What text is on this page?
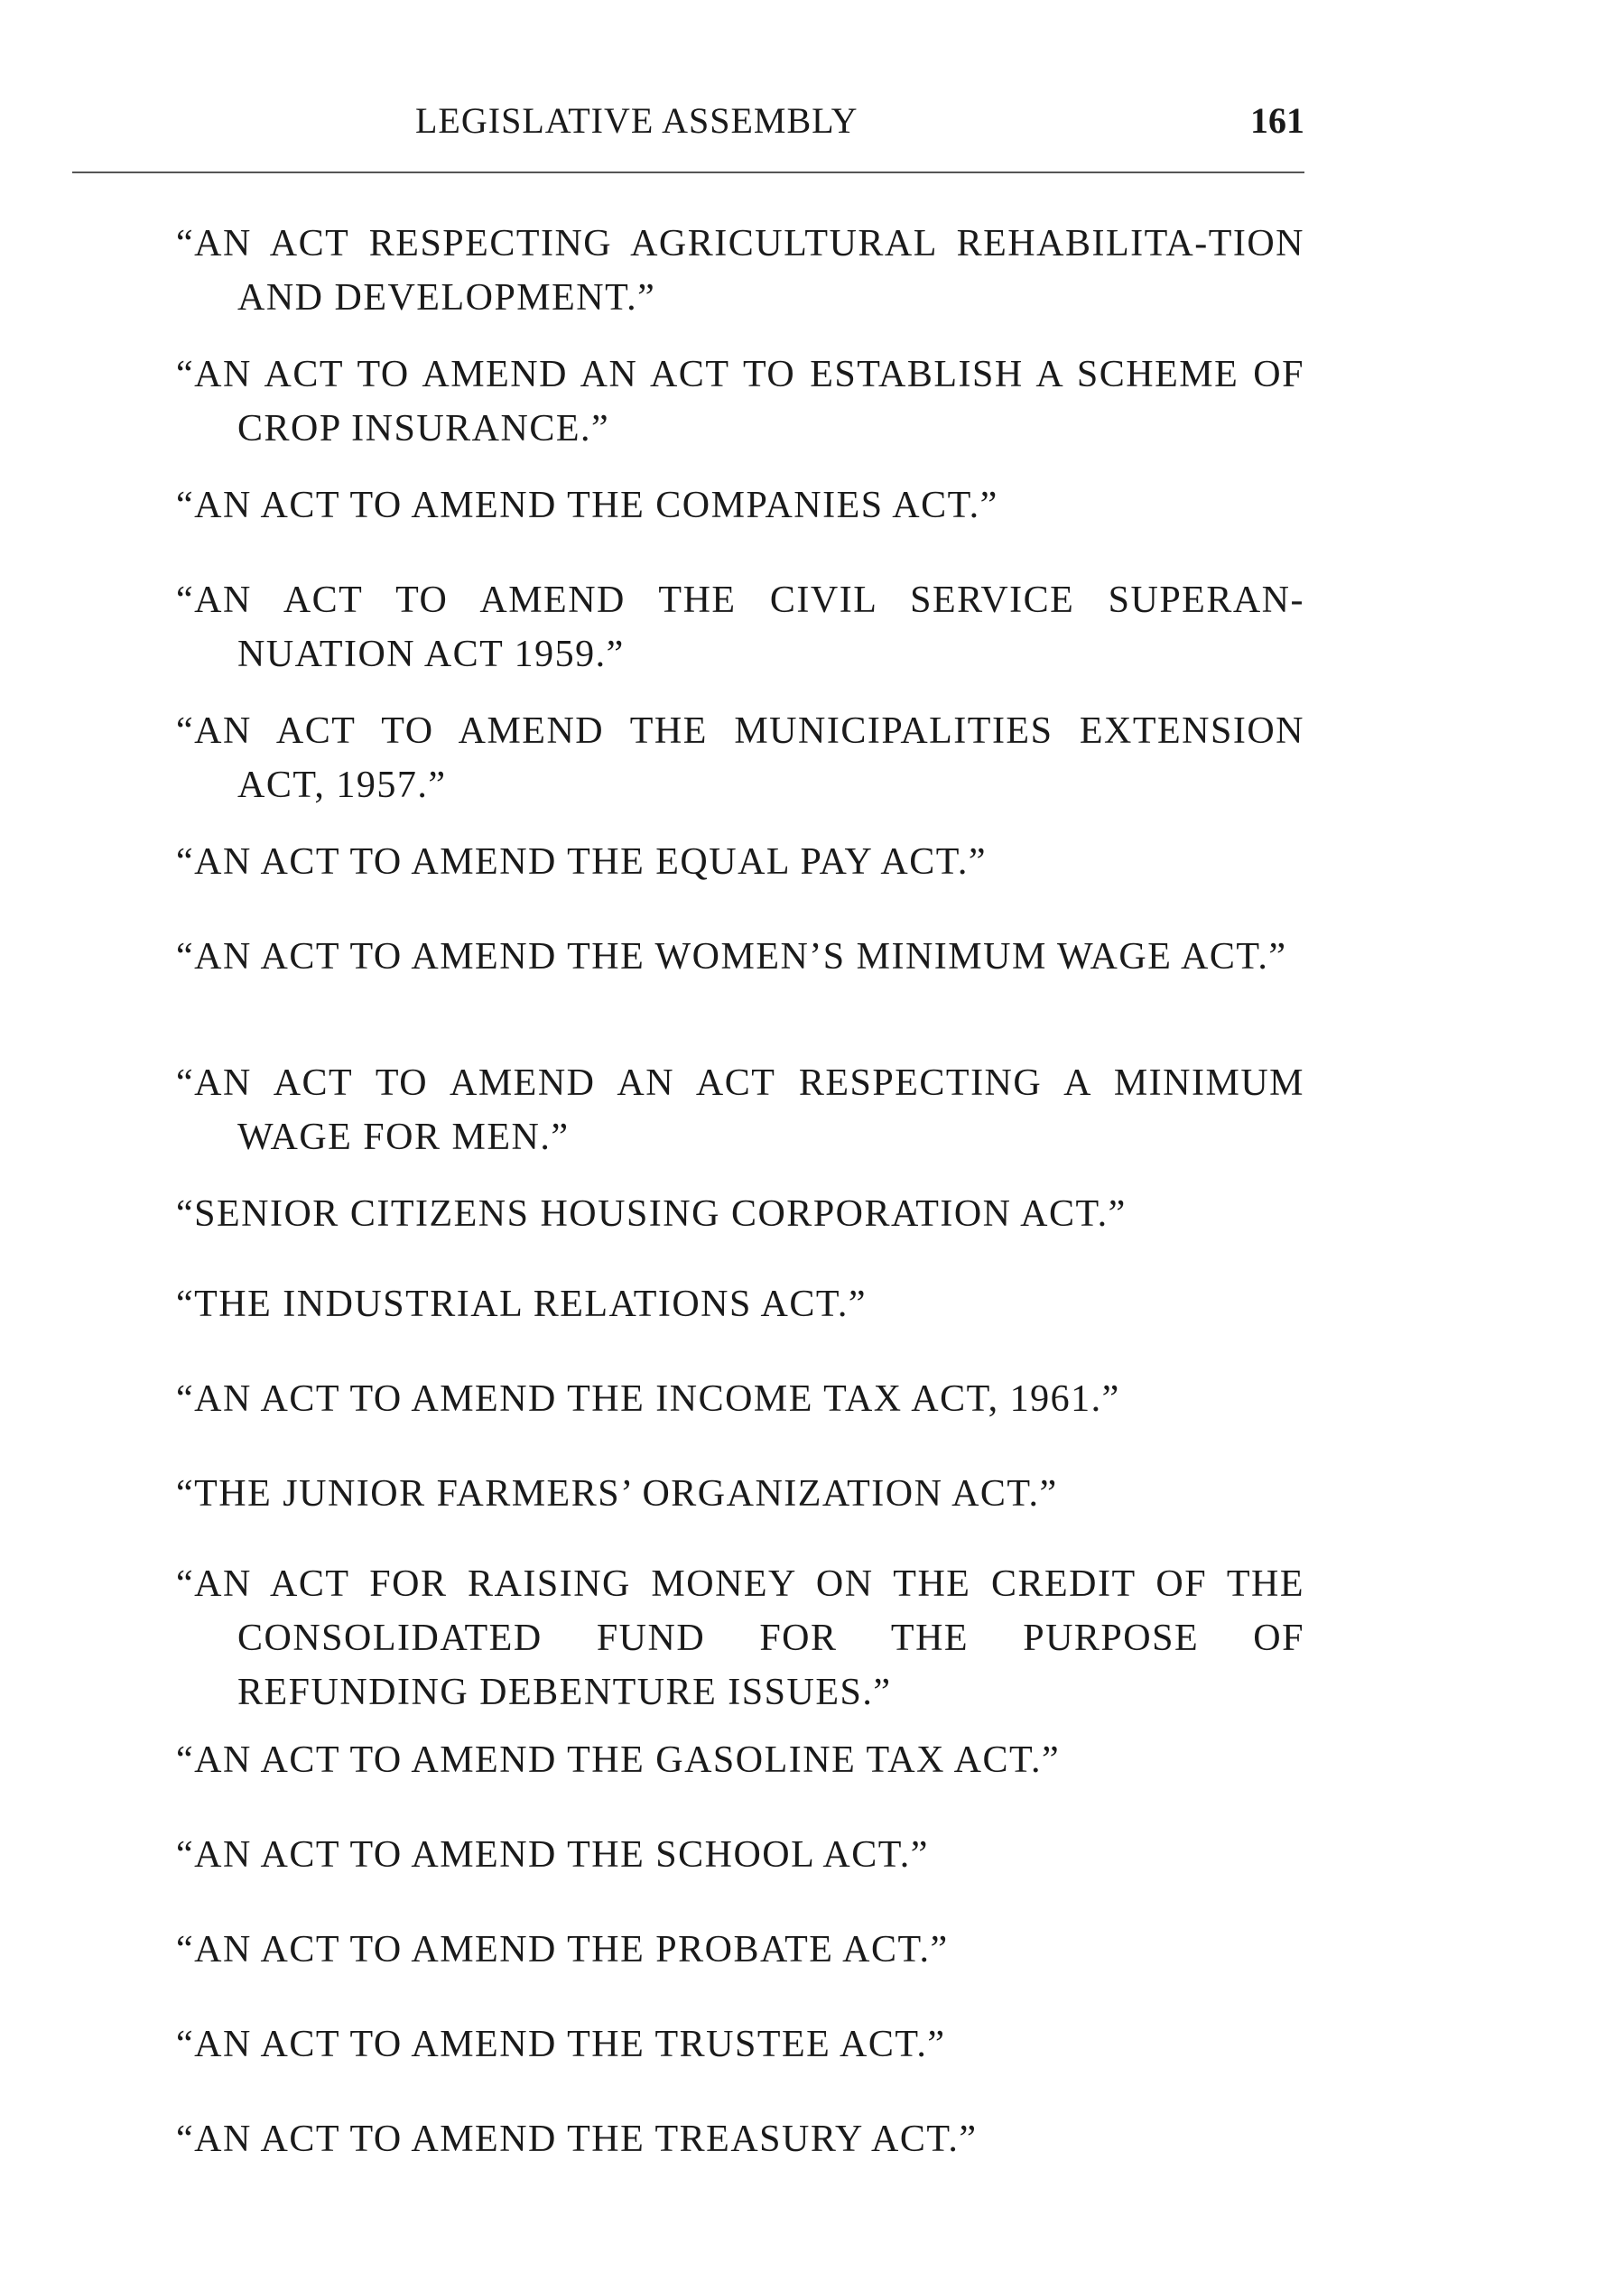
LEGISLATIVE ASSEMBLY	161
“AN ACT RESPECTING AGRICULTURAL REHABILITA-TION AND DEVELOPMENT.”
“AN ACT TO AMEND AN ACT TO ESTABLISH A SCHEME OF CROP INSURANCE.”
“AN ACT TO AMEND THE COMPANIES ACT.”
“AN ACT TO AMEND THE CIVIL SERVICE SUPERAN-NUATION ACT 1959.”
“AN ACT TO AMEND THE MUNICIPALITIES EXTENSION ACT, 1957.”
“AN ACT TO AMEND THE EQUAL PAY ACT.”
“AN ACT TO AMEND THE WOMEN’S MINIMUM WAGE ACT.”
“AN ACT TO AMEND AN ACT RESPECTING A MINIMUM WAGE FOR MEN.”
“SENIOR CITIZENS HOUSING CORPORATION ACT.”
“THE INDUSTRIAL RELATIONS ACT.”
“AN ACT TO AMEND THE INCOME TAX ACT, 1961.”
“THE JUNIOR FARMERS’ ORGANIZATION ACT.”
“AN ACT FOR RAISING MONEY ON THE CREDIT OF THE CONSOLIDATED FUND FOR THE PURPOSE OF REFUNDING DEBENTURE ISSUES.”
“AN ACT TO AMEND THE GASOLINE TAX ACT.”
“AN ACT TO AMEND THE SCHOOL ACT.”
“AN ACT TO AMEND THE PROBATE ACT.”
“AN ACT TO AMEND THE TRUSTEE ACT.”
“AN ACT TO AMEND THE TREASURY ACT.”
